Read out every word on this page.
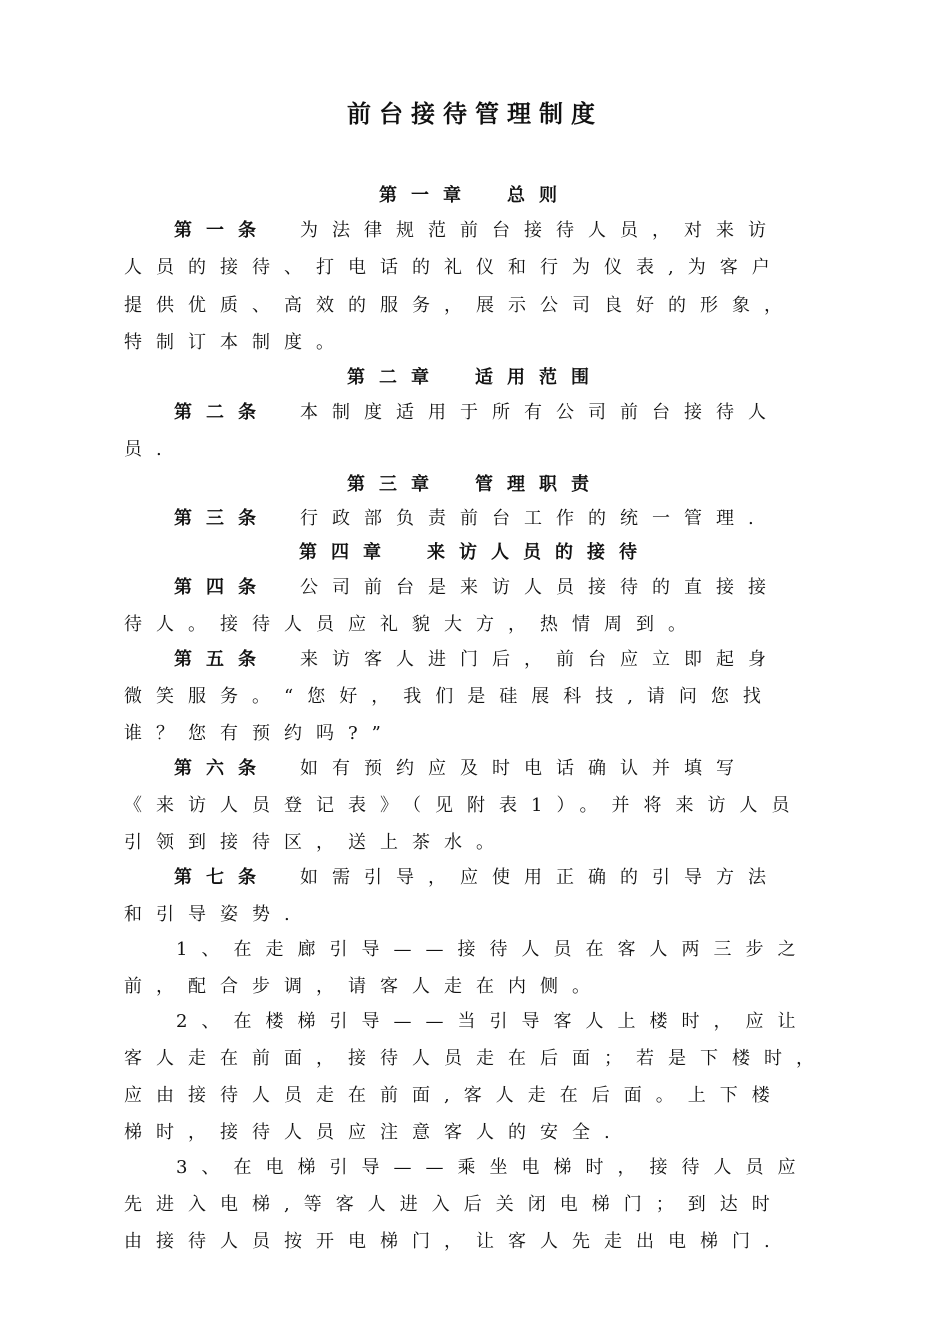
前台接待管理制度
第一章　总则
第一条 为法律规范前台接待人员，对来访
人员的接待、打电话的礼仪和行为仪表,为客户
提供优质、高效的服务，展示公司良好的形象，
特制订本制度。
第二章　适用范围
第二条 本制度适用于所有公司前台接待人
员.
第三章　管理职责
第三条 行政部负责前台工作的统一管理.
第四章　来访人员的接待
第四条 公司前台是来访人员接待的直接接
待人。接待人员应礼貌大方，热情周到。
第五条 来访客人进门后，前台应立即起身
微笑服务。“您好，我们是硅展科技,请问您找
谁？您有预约吗?”
第六条 如有预约应及时电话确认并填写
《来访人员登记表》（见附表1）。并将来访人员
引领到接待区，送上茶水。
第七条 如需引导，应使用正确的引导方法
和引导姿势.
1、在走廊引导——接待人员在客人两三步之
前，配合步调，请客人走在内侧。
2、在楼梯引导——当引导客人上楼时，应让
客人走在前面，接待人员走在后面；若是下楼时，
应由接待人员走在前面,客人走在后面。上下楼
梯时，接待人员应注意客人的安全.
3、在电梯引导——乘坐电梯时，接待人员应
先进入电梯,等客人进入后关闭电梯门；到达时
由接待人员按开电梯门，让客人先走出电梯门.
